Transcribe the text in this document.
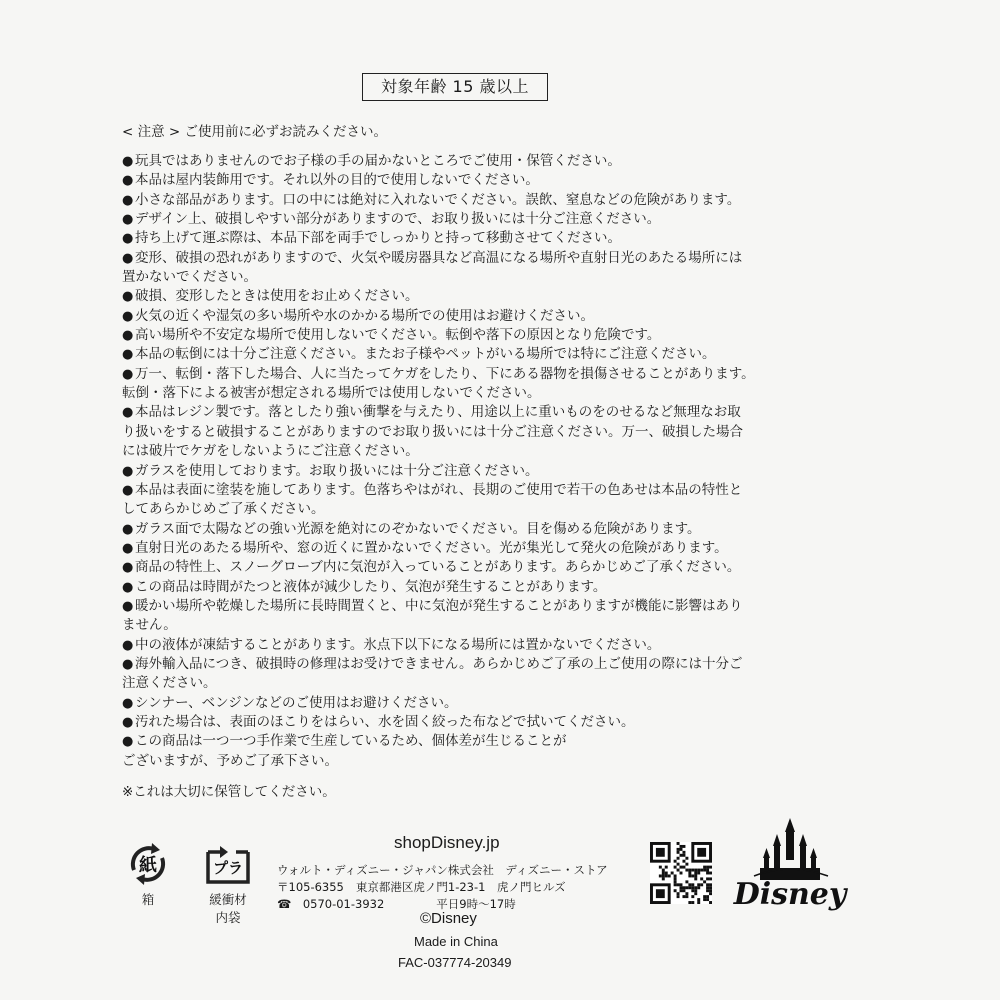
対象年齢 15 歳以上
< 注意 > ご使用前に必ずお読みください。
● 玩具ではありませんのでお子様の手の届かないところでご使用・保管ください。
● 本品は屋内装飾用です。それ以外の目的で使用しないでください。
● 小さな部品があります。口の中には絶対に入れないでください。誤飲、窒息などの危険があります。
● デザイン上、破損しやすい部分がありますので、お取り扱いには十分ご注意ください。
● 持ち上げて運ぶ際は、本品下部を両手でしっかりと持って移動させてください。
● 変形、破損の恐れがありますので、火気や暖房器具など高温になる場所や直射日光のあたる場所には
置かないでください。
● 破損、変形したときは使用をお止めください。
● 火気の近くや湿気の多い場所や水のかかる場所での使用はお避けください。
● 高い場所や不安定な場所で使用しないでください。転倒や落下の原因となり危険です。
● 本品の転倒には十分ご注意ください。またお子様やペットがいる場所では特にご注意ください。
● 万一、転倒・落下した場合、人に当たってケガをしたり、下にある器物を損傷させることがあります。
転倒・落下による被害が想定される場所では使用しないでください。
● 本品はレジン製です。落としたり強い衝撃を与えたり、用途以上に重いものをのせるなど無理なお取
り扱いをすると破損することがありますのでお取り扱いには十分ご注意ください。万一、破損した場合
には破片でケガをしないようにご注意ください。
● ガラスを使用しております。お取り扱いには十分ご注意ください。
● 本品は表面に塗装を施してあります。色落ちやはがれ、長期のご使用で若干の色あせは本品の特性と
してあらかじめご了承ください。
● ガラス面で太陽などの強い光源を絶対にのぞかないでください。目を傷める危険があります。
● 直射日光のあたる場所や、窓の近くに置かないでください。光が集光して発火の危険があります。
● 商品の特性上、スノーグローブ内に気泡が入っていることがあります。あらかじめご了承ください。
● この商品は時間がたつと液体が減少したり、気泡が発生することがあります。
● 暖かい場所や乾燥した場所に長時間置くと、中に気泡が発生することがありますが機能に影響はあり
ません。
● 中の液体が凍結することがあります。氷点下以下になる場所には置かないでください。
● 海外輸入品につき、破損時の修理はお受けできません。あらかじめご了承の上ご使用の際には十分ご
注意ください。
● シンナー、ベンジンなどのご使用はお避けください。
● 汚れた場合は、表面のほこりをはらい、水を固く絞った布などで拭いてください。
● この商品は一つ一つ手作業で生産しているため、個体差が生じることが
ございますが、予めご了承下さい。
※これは大切に保管してください。
紙
箱
プラ
緩衝材
内袋
shopDisney.jp
ウォルト・ディズニー・ジャパン株式会社　ディズニー・ストア
〒105-6355 東京都港区虎ノ門1-23-1　虎ノ門ヒルズ
☎　0570-01-3932	平日9時～17時
©Disney
Made in China
FAC-037774-20349
Disney
